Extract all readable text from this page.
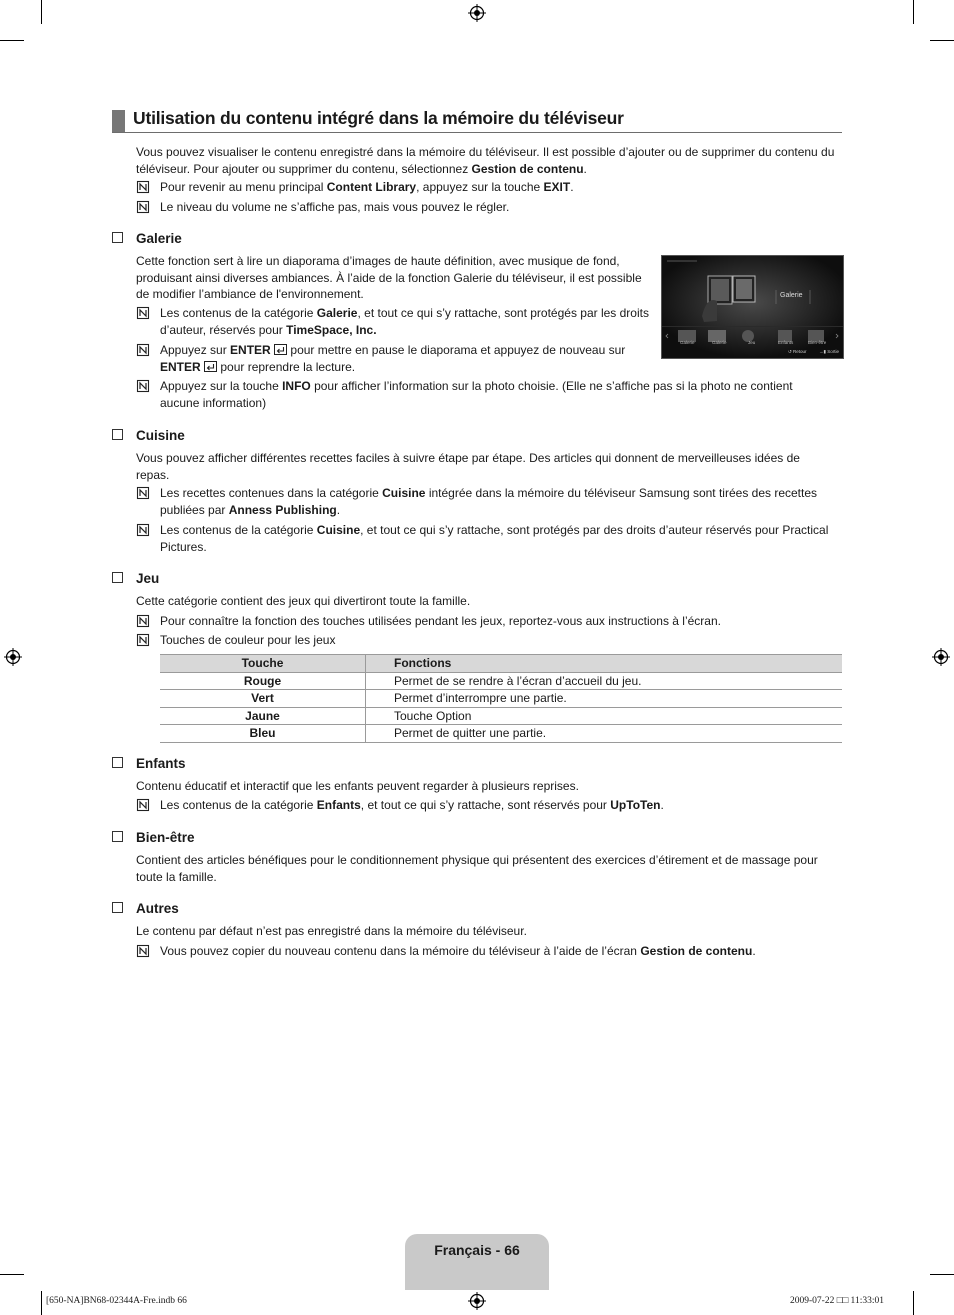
Utilisation du contenu intégré dans la mémoire du téléviseur
Vous pouvez visualiser le contenu enregistré dans la mémoire du téléviseur. Il est possible d’ajouter ou de supprimer du contenu du téléviseur. Pour ajouter ou supprimer du contenu, sélectionnez Gestion de contenu.
Pour revenir au menu principal Content Library, appuyez sur la touche EXIT.
Le niveau du volume ne s’affiche pas, mais vous pouvez le régler.
Galerie
Cette fonction sert à lire un diaporama d’images de haute définition, avec musique de fond, produisant ainsi diverses ambiances. À l’aide de la fonction Galerie du téléviseur, il est possible de modifier l’ambiance de l'environnement.
Les contenus de la catégorie Galerie, et tout ce qui s’y rattache, sont protégés par les droits d’auteur, réservés pour TimeSpace, Inc.
Appuyez sur ENTER  pour mettre en pause le diaporama et appuyez de nouveau sur ENTER  pour reprendre la lecture.
Appuyez sur la touche INFO pour afficher l’information sur la photo choisie. (Elle ne s’affiche pas si la photo ne contient aucune information)
Galerie
Galerie	Galerie	Jeu	Enfants	Bien-être
↺ Retour	→▮ Sortie
Cuisine
Vous pouvez afficher différentes recettes faciles à suivre étape par étape. Des articles qui donnent de merveilleuses idées de repas.
Les recettes contenues dans la catégorie Cuisine intégrée dans la mémoire du téléviseur Samsung sont tirées des recettes publiées par Anness Publishing.
Les contenus de la catégorie Cuisine, et tout ce qui s’y rattache, sont protégés par des droits d’auteur réservés pour Practical Pictures.
Jeu
Cette catégorie contient des jeux qui divertiront toute la famille.
Pour connaître la fonction des touches utilisées pendant les jeux, reportez-vous aux instructions à l’écran.
Touches de couleur pour les jeux
Touche	Fonctions
Rouge	Permet de se rendre à l’écran d’accueil du jeu.
Vert	Permet d’interrompre une partie.
Jaune	Touche Option
Bleu	Permet de quitter une partie.
Enfants
Contenu éducatif et interactif que les enfants peuvent regarder à plusieurs reprises.
Les contenus de la catégorie Enfants, et tout ce qui s’y rattache, sont réservés pour UpToTen.
Bien-être
Contient des articles bénéfiques pour le conditionnement physique qui présentent des exercices d’étirement et de massage pour toute la famille.
Autres
Le contenu par défaut n’est pas enregistré dans la mémoire du téléviseur.
Vous pouvez copier du nouveau contenu dans la mémoire du téléviseur à l’aide de l’écran Gestion de contenu.
Français - 66
[650-NA]BN68-02344A-Fre.indb 66	2009-07-22 □□ 11:33:01
